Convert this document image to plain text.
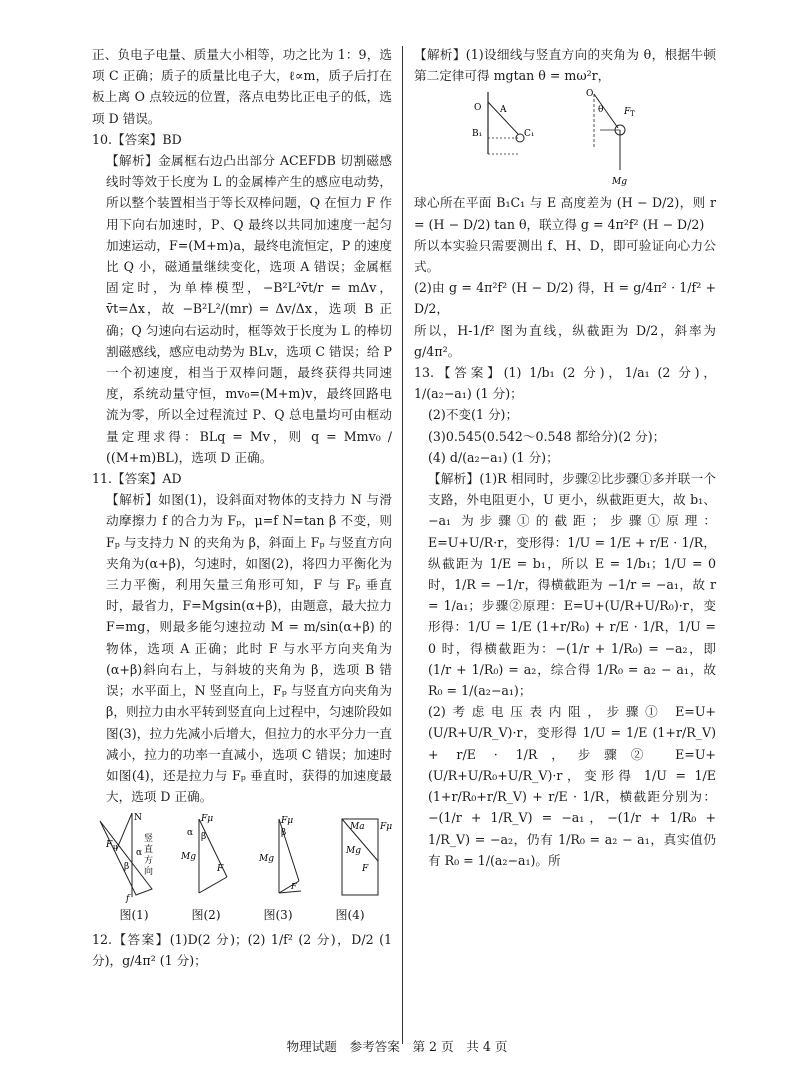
正、负电子电量、质量大小相等，功之比为 1：9，选项 C 正确；质子的质量比电子大，ℓ∝m，质子后打在板上离 O 点较远的位置，落点电势比正电子的低，选项 D 错误。

10.【答案】BD

【解析】金属框右边凸出部分 ACEFDB 切割磁感线时等效于长度为 L 的金属棒产生的感应电动势，所以整个装置相当于等长双棒问题，Q 在恒力 F 作用下向右加速时，P、Q 最终以共同加速度一起匀加速运动，F=(M+m)a，最终电流恒定，P 的速度比 Q 小，磁通量继续变化，选项 A 错误；金属框固定时，为单棒模型，−B²L²v̄t/r = mΔv，v̄t=Δx，故 −B²L²/(mr) = Δv/Δx，选项 B 正确；Q 匀速向右运动时，框等效于长度为 L 的棒切割磁感线，感应电动势为 BLv，选项 C 错误；给 P 一个初速度，相当于双棒问题，最终获得共同速度，系统动量守恒，mv₀=(M+m)v，最终回路电流为零，所以全过程流过 P、Q 总电量均可由框动量定理求得：BLq = Mv，则 q = Mmv₀ / ((M+m)BL)，选项 D 正确。

11.【答案】AD

【解析】如图(1)，设斜面对物体的支持力 N 与滑动摩擦力 f 的合力为 Fₚ，μ=f N=tan β 不变，则 Fₚ 与支持力 N 的夹角为 β，斜面上 Fₚ 与竖直方向夹角为(α+β)，匀速时，如图(2)，将四力平衡化为三力平衡，利用矢量三角形可知，F 与 Fₚ 垂直时，最省力，F=Mgsin(α+β)，由题意，最大拉力 F=mg，则最多能匀速拉动 M = m/sin(α+β) 的物体，选项 A 正确；此时 F 与水平方向夹角为(α+β)斜向右上，与斜坡的夹角为 β，选项 B 错误；水平面上，N 竖直向上，Fₚ 与竖直方向夹角为 β，则拉力由水平转到竖直向上过程中，匀速阶段如图(3)，拉力先减小后增大，但拉力的水平分力一直减小，拉力的功率一直减小，选项 C 错误；加速时如图(4)，还是拉力与 Fₚ 垂直时，获得的加速度最大，选项 D 正确。

N
F μ
α
β
竖
直
方
向
f
Fμ
α β
Mg
F
Fμ
β
Mg
F
Ma Fμ
Mg
F
图(1)	图(2)	图(3)	图(4)

12.【答案】(1)D(2 分)；(2) 1/f² (2 分)，D/2 (1 分)，g/4π² (1 分)；

【解析】(1)设细线与竖直方向的夹角为 θ，根据牛顿第二定律可得 mgtan θ = mω²r，

O A
B₁	C₁
O
θ F T
Mg

球心所在平面 B₁C₁ 与 E 高度差为 (H − D/2)，则 r = (H − D/2) tan θ，联立得 g = 4π²f² (H − D/2)

所以本实验只需要测出 f、H、D，即可验证向心力公式。

(2)由 g = 4π²f² (H − D/2) 得，H = g/4π² · 1/f² + D/2，

所以，H-1/f² 图为直线，纵截距为 D/2，斜率为 g/4π²。

13.【答案】(1) 1/b₁ (2 分)，1/a₁ (2 分)，1/(a₂−a₁) (1 分)；

(2)不变(1 分)；

(3)0.545(0.542～0.548 都给分)(2 分)；

(4) d/(a₂−a₁) (1 分)；

【解析】(1)R 相同时，步骤②比步骤①多并联一个支路，外电阻更小，U 更小，纵截距更大，故 b₁、−a₁ 为步骤①的截距；步骤①原理：E=U+U/R·r，变形得：1/U = 1/E + r/E · 1/R，纵截距为 1/E = b₁，所以 E = 1/b₁；1/U = 0 时，1/R = −1/r，得横截距为 −1/r = −a₁，故 r = 1/a₁；步骤②原理：E=U+(U/R+U/R₀)·r，变形得：1/U = 1/E (1+r/R₀) + r/E · 1/R，1/U = 0 时，得横截距为：−(1/r + 1/R₀) = −a₂，即 (1/r + 1/R₀) = a₂，综合得 1/R₀ = a₂ − a₁，故 R₀ = 1/(a₂−a₁)；

(2)考虑电压表内阻，步骤① E=U+(U/R+U/R_V)·r，变形得 1/U = 1/E (1+r/R_V) + r/E · 1/R，步骤② E=U+(U/R+U/R₀+U/R_V)·r，变形得 1/U = 1/E (1+r/R₀+r/R_V) + r/E · 1/R，横截距分别为：−(1/r + 1/R_V) = −a₁，−(1/r + 1/R₀ + 1/R_V) = −a₂，仍有 1/R₀ = a₂ − a₁，真实值仍有 R₀ = 1/(a₂−a₁)。所

物理试题　参考答案　第 2 页　共 4 页
